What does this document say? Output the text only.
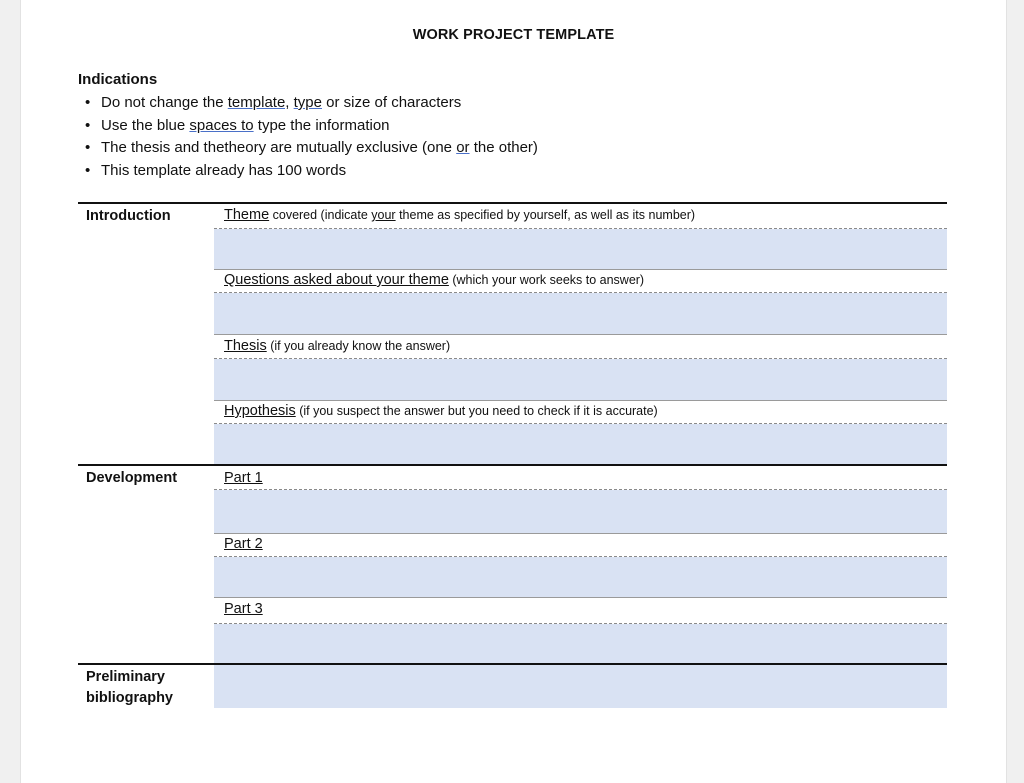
WORK PROJECT TEMPLATE
Indications
• Do not change the template, type or size of characters
• Use the blue spaces to type the information
• The thesis and thetheory are mutually exclusive (one or the other)
• This template already has 100 words
Introduction	Theme covered (indicate your theme as specified by yourself, as well as its number)
Questions asked about your theme (which your work seeks to answer)
Thesis (if you already know the answer)
Hypothesis (if you suspect the answer but you need to check if it is accurate)
Development	Part 1
Part 2
Part 3
Preliminary
bibliography
